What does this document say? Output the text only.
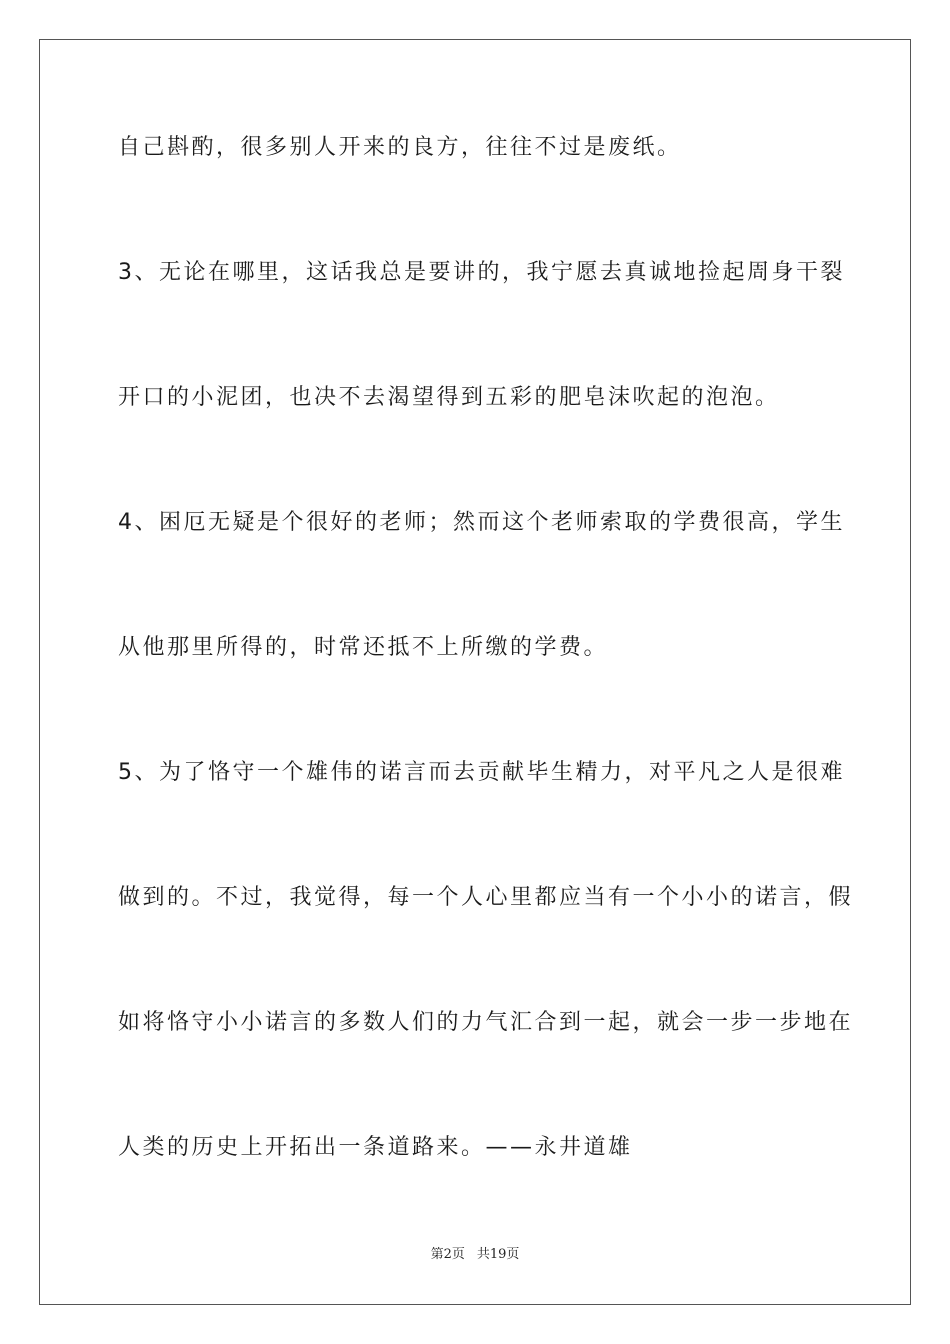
自己斟酌，很多别人开来的良方，往往不过是废纸。
3、无论在哪里，这话我总是要讲的，我宁愿去真诚地捡起周身干裂
开口的小泥团，也决不去渴望得到五彩的肥皂沫吹起的泡泡。
4、困厄无疑是个很好的老师；然而这个老师索取的学费很高，学生
从他那里所得的，时常还抵不上所缴的学费。
5、为了恪守一个雄伟的诺言而去贡献毕生精力，对平凡之人是很难
做到的。不过，我觉得，每一个人心里都应当有一个小小的诺言，假
如将恪守小小诺言的多数人们的力气汇合到一起，就会一步一步地在
人类的历史上开拓出一条道路来。——永井道雄
第2页 共19页
